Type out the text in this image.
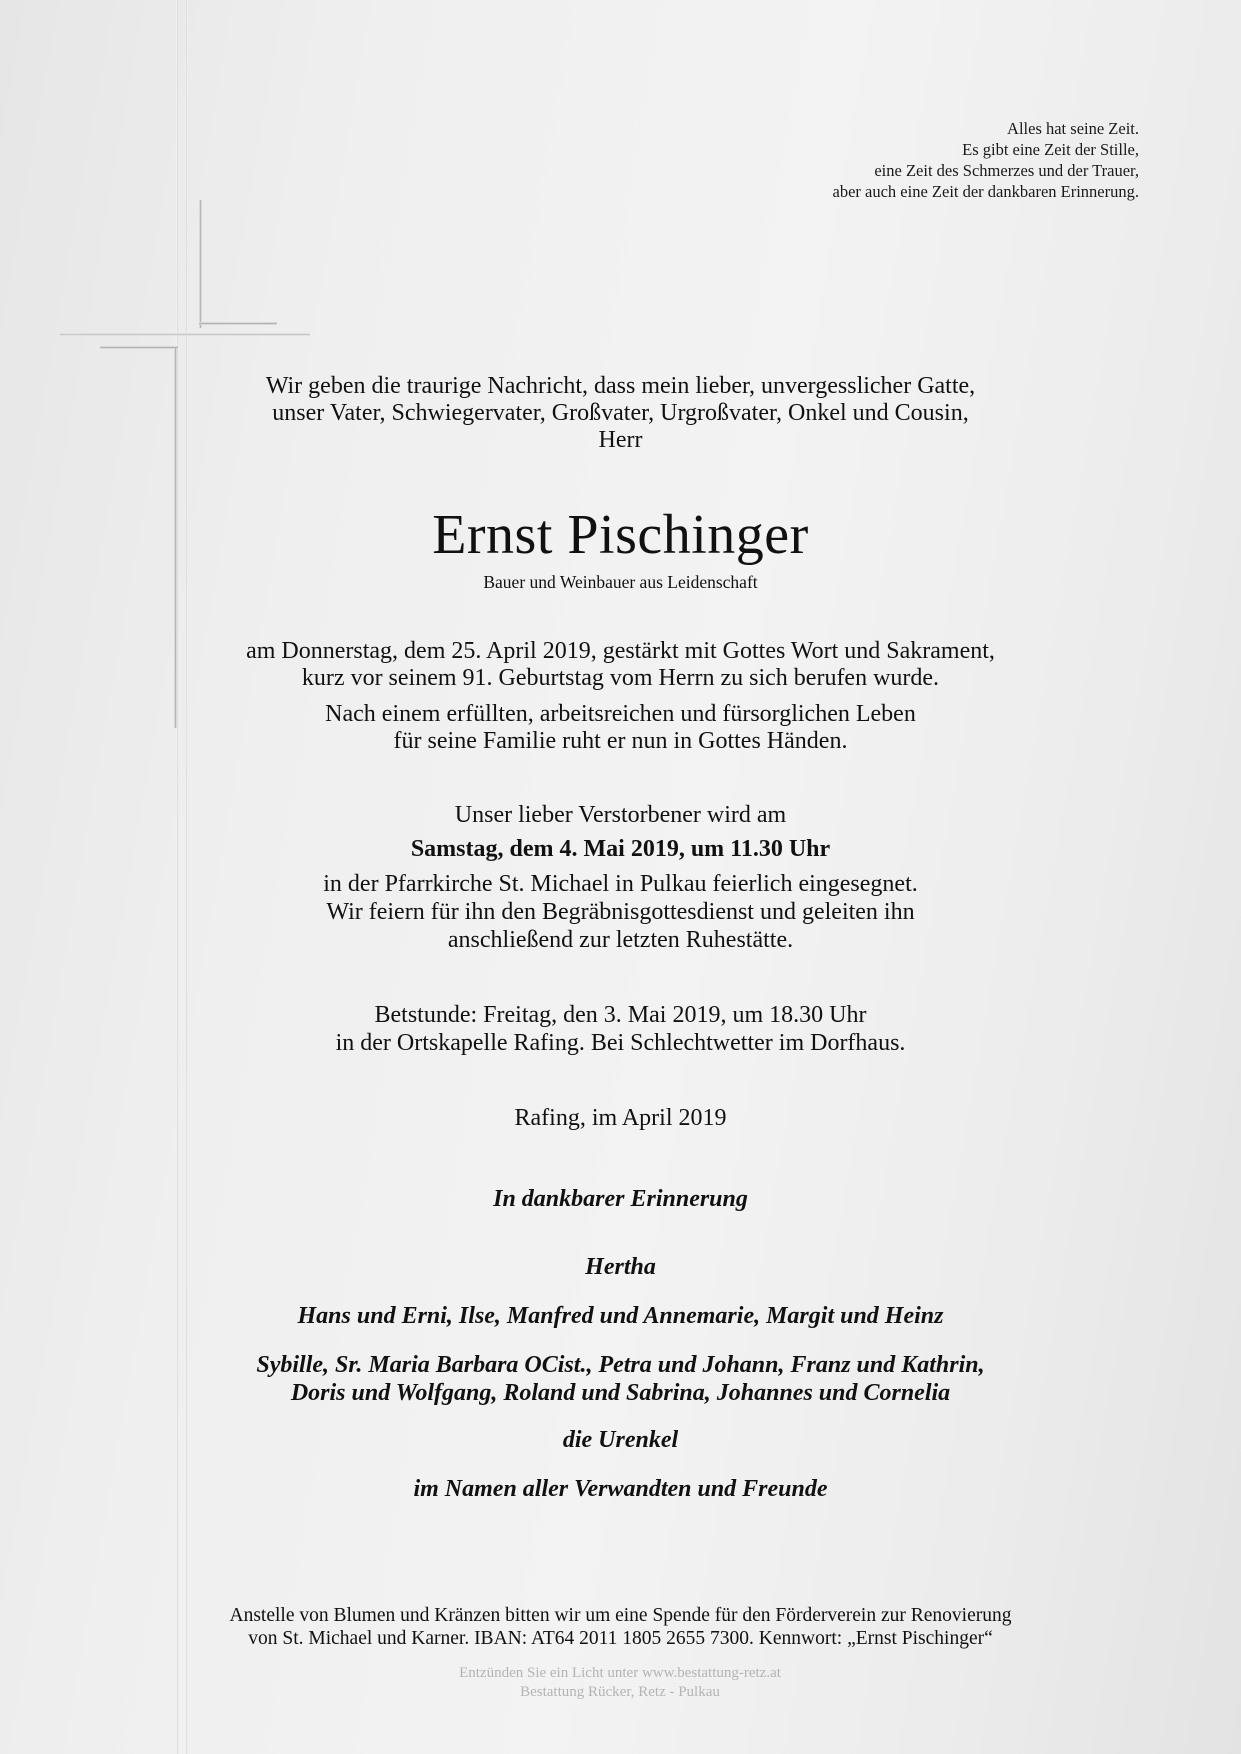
Alles hat seine Zeit.
Es gibt eine Zeit der Stille,
eine Zeit des Schmerzes und der Trauer,
aber auch eine Zeit der dankbaren Erinnerung.
Wir geben die traurige Nachricht, dass mein lieber, unvergesslicher Gatte,
unser Vater, Schwiegervater, Großvater, Urgroßvater, Onkel und Cousin,
Herr
Ernst Pischinger
Bauer und Weinbauer aus Leidenschaft
am Donnerstag, dem 25. April 2019, gestärkt mit Gottes Wort und Sakrament,
kurz vor seinem 91. Geburtstag vom Herrn zu sich berufen wurde.
Nach einem erfüllten, arbeitsreichen und fürsorglichen Leben
für seine Familie ruht er nun in Gottes Händen.
Unser lieber Verstorbener wird am
Samstag, dem 4. Mai 2019, um 11.30 Uhr
in der Pfarrkirche St. Michael in Pulkau feierlich eingesegnet.
Wir feiern für ihn den Begräbnisgottesdienst und geleiten ihn
anschließend zur letzten Ruhestätte.
Betstunde: Freitag, den 3. Mai 2019, um 18.30 Uhr
in der Ortskapelle Rafing. Bei Schlechtwetter im Dorfhaus.
Rafing, im April 2019
In dankbarer Erinnerung
Hertha
Hans und Erni, Ilse, Manfred und Annemarie, Margit und Heinz
Sybille, Sr. Maria Barbara OCist., Petra und Johann, Franz und Kathrin,
Doris und Wolfgang, Roland und Sabrina, Johannes und Cornelia
die Urenkel
im Namen aller Verwandten und Freunde
Anstelle von Blumen und Kränzen bitten wir um eine Spende für den Förderverein zur Renovierung
von St. Michael und Karner. IBAN: AT64 2011 1805 2655 7300. Kennwort: „Ernst Pischinger“
Entzünden Sie ein Licht unter www.bestattung-retz.at
Bestattung Rücker, Retz - Pulkau
